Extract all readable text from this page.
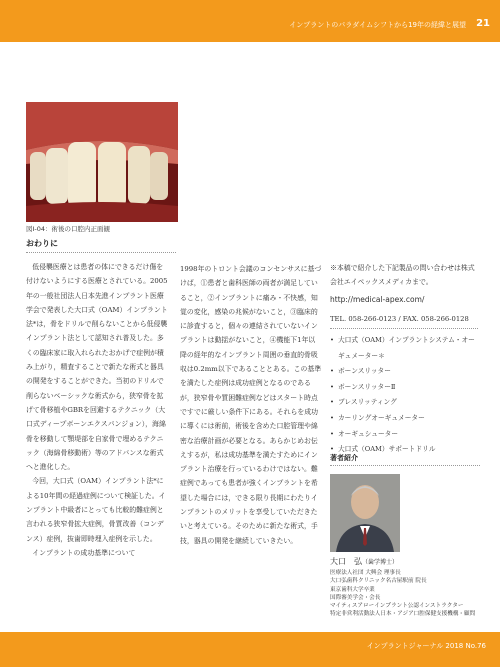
インプラントのパラダイムシフトから19年の経緯と展望 21
図Ⅰ-04：術後の口腔内正面観
おわりに

低侵襲医療とは患者の体にできるだけ傷を付けないようにする医療とされている。2005年の一般社団法人日本先進インプラント医療学会で発表した大口式（OAM）インプラント法*は，骨をドリルで削らないことから低侵襲インプラント法として認知され普及した。多くの臨床家に取入れられたおかげで症例が積み上がり，精査することで新たな術式と器具の開発をすることができた。当初のドリルで削らないベーシックな術式から，狭窄骨を拡げて骨移植やGBRを回避するテクニック（大口式ディープボーンエクスパンジョン），海綿骨を移動して顎堤部を自家骨で埋めるテクニック（海綿骨移動術）等のアドバンスな術式へと進化した。

今回，大口式（OAM）インプラント法*による10年間の経過症例について検証した。インプラント中級者にとっても比較的難症例と言われる狭窄骨拡大症例，骨質改善（コンデンス）症例，抜歯即時埋入症例を示した。

インプラントの成功基準について

1998年のトロント会議のコンセンサスに基づけば，①患者と歯科医師の両者が満足していること，②インプラントに痛み・不快感，知覚の変化，感染の兆候がないこと，③臨床的に診査すると，個々の連結されていないインプラントは動揺がないこと，④機能下1年以降の経年的なインプラント周囲の垂直的骨吸収は0.2mm以下であることとある。この基準を満たした症例は成功症例となるのであるが，狭窄骨や質困難症例などはスタート時点ですでに厳しい条件下にある。それらを成功に導くには術前，術後を含めた口腔管理や綿密な治療計画が必要となる。あらかじめお伝えするが，私は成功基準を満たすためにインプラント治療を行っているわけではない。難症例であっても患者が強くインプラントを希望した場合には，できる限り長期にわたりインプラントのメリットを享受していただきたいと考えている。そのために新たな術式，手技，器具の開発を継続していきたい。

※本稿で紹介した下記製品の問い合わせは株式会社エイペックスメディカまで。

http://medical-apex.com/

TEL. 058-266-0123 / FAX. 058-266-0128

• 大口式（OAM）インプラントシステム・オーギュメーター＊
• ボーンスリッター
• ボーンスリッターⅡ
• ブレスリッティング
• カーリングオーギュメーター
• オーギュシューター
• 大口式（OAM）サポートドリル
著者紹介
大口　弘（歯学博士）
医療法人社団 大興会 理事長
大口弘歯科クリニック名古屋駅前 院長
東京歯科大学卒業
国際審美学会・会長
マイティスアローインプラント公認インストラクター
特定非営利活動法人日本・アジア口腔保健支援機構・顧問
インプラントジャーナル 2018 No.76
